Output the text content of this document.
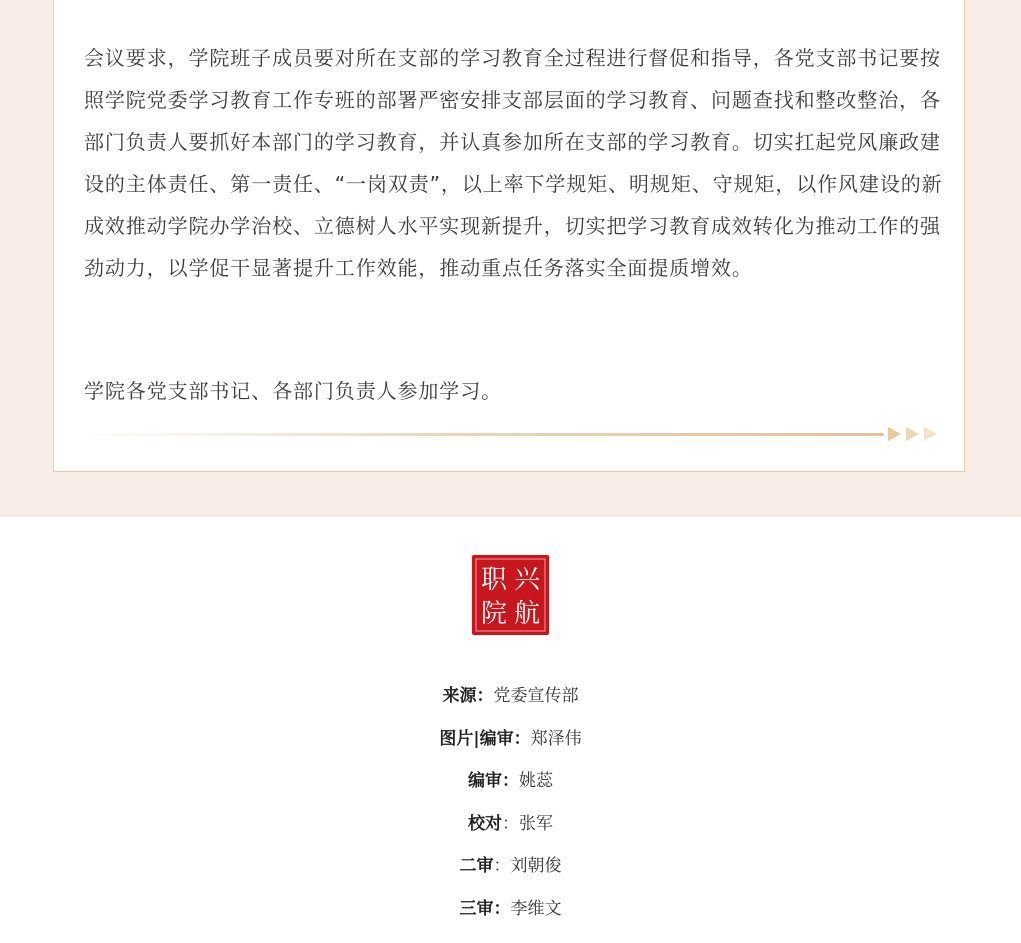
会议要求，学院班子成员要对所在支部的学习教育全过程进行督促和指导，各党支部书记要按照学院党委学习教育工作专班的部署严密安排支部层面的学习教育、问题查找和整改整治，各部门负责人要抓好本部门的学习教育，并认真参加所在支部的学习教育。切实扛起党风廉政建设的主体责任、第一责任、“一岗双责”，以上率下学规矩、明规矩、守规矩，以作风建设的新成效推动学院办学治校、立德树人水平实现新提升，切实把学习教育成效转化为推动工作的强劲动力，以学促干显著提升工作效能，推动重点任务落实全面提质增效。

学院各党支部书记、各部门负责人参加学习。

兴
航
职
院
来源：党委宣传部
图片|编审：郑泽伟
编审：姚蕊
校对：张军
二审：刘朝俊
三审：李维文
